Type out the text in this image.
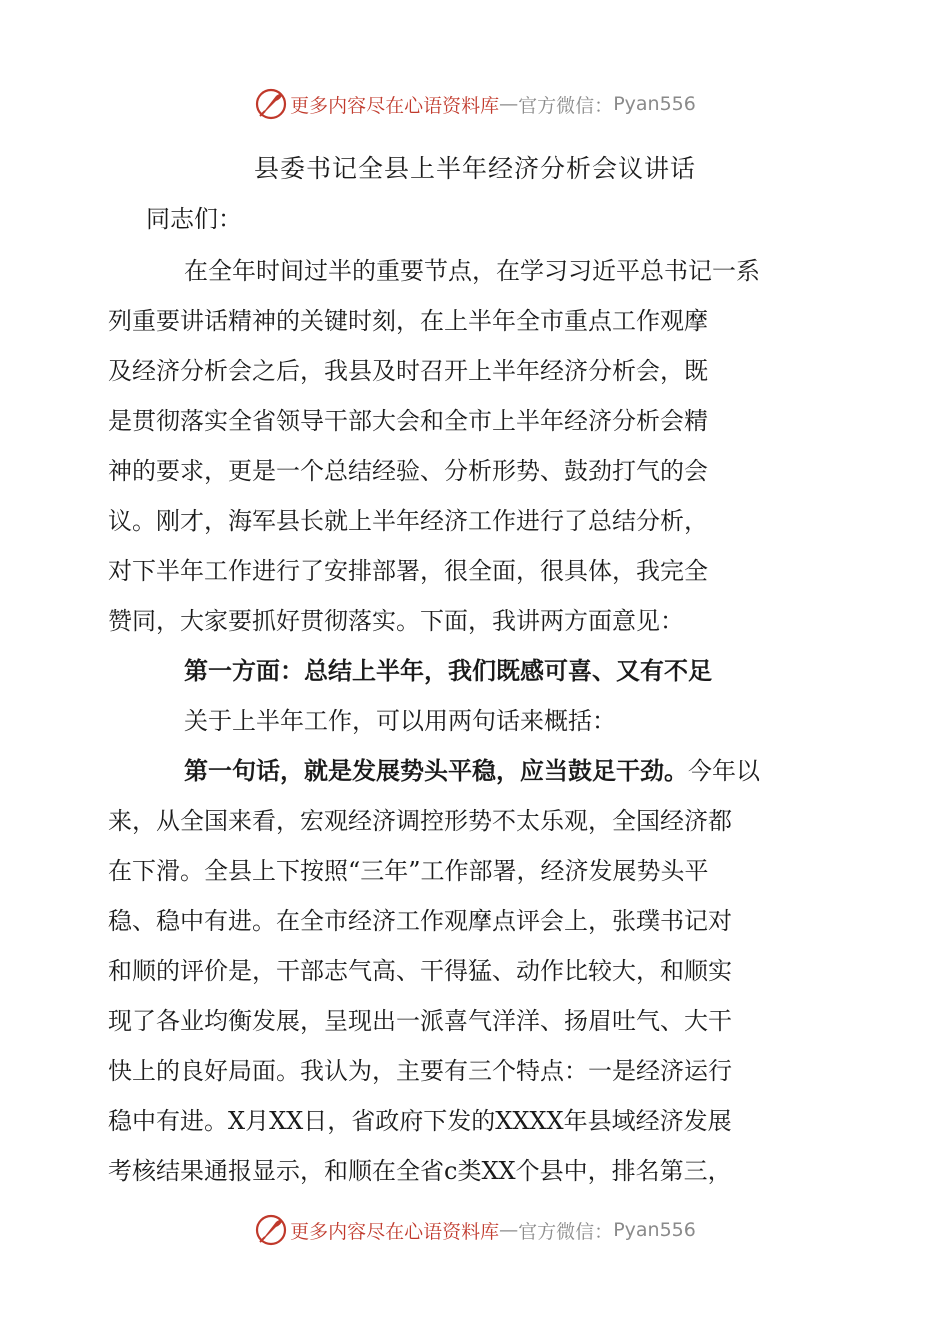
更多内容尽在心语资料库 — 官方微信： Pyan556
县委书记全县上半年经济分析会议讲话

同志们：

在全年时间过半的重要节点，在学习习近平总书记一系
列重要讲话精神的关键时刻，在上半年全市重点工作观摩
及经济分析会之后，我县及时召开上半年经济分析会，既
是贯彻落实全省领导干部大会和全市上半年经济分析会精
神的要求，更是一个总结经验、分析形势、鼓劲打气的会
议。刚才，海军县长就上半年经济工作进行了总结分析，
对下半年工作进行了安排部署，很全面，很具体，我完全
赞同，大家要抓好贯彻落实。下面，我讲两方面意见：

第一方面：总结上半年，我们既感可喜、又有不足

关于上半年工作，可以用两句话来概括：

第一句话，就是发展势头平稳，应当鼓足干劲。今年以
来，从全国来看，宏观经济调控形势不太乐观，全国经济都
在下滑。全县上下按照“三年”工作部署，经济发展势头平
稳、稳中有进。在全市经济工作观摩点评会上，张璞书记对
和顺的评价是，干部志气高、干得猛、动作比较大，和顺实
现了各业均衡发展，呈现出一派喜气洋洋、扬眉吐气、大干
快上的良好局面。我认为，主要有三个特点：一是经济运行
稳中有进。X月XX日，省政府下发的XXXX年县域经济发展
考核结果通报显示，和顺在全省c类XX个县中，排名第三，

更多内容尽在心语资料库 — 官方微信： Pyan556
